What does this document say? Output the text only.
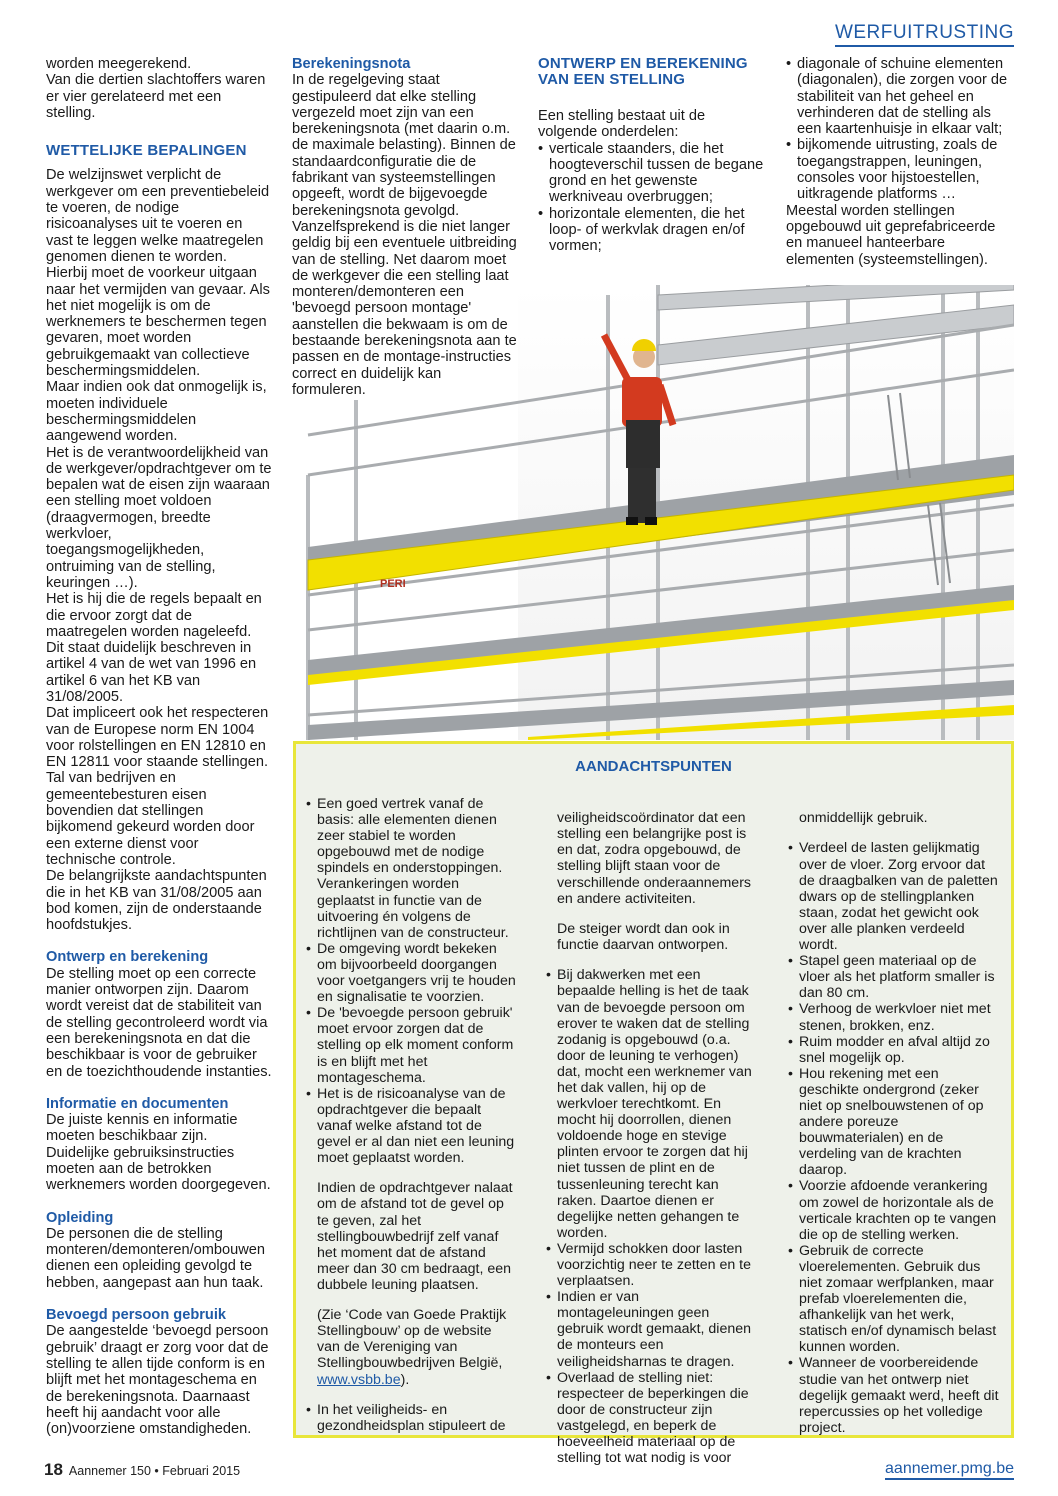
WERFUITRUSTING

worden meegerekend.
Van die dertien slachtoffers waren er vier gerelateerd met een stelling.

WETTELIJKE BEPALINGEN

De welzijnswet verplicht de werkgever om een preventiebeleid te voeren, de nodige risicoanalyses uit te voeren en vast te leggen welke maatregelen genomen dienen te worden. Hierbij moet de voorkeur uitgaan naar het vermijden van gevaar. Als het niet mogelijk is om de werknemers te beschermen tegen gevaren, moet worden gebruikgemaakt van collectieve beschermingsmiddelen.
Maar indien ook dat onmogelijk is, moeten individuele beschermingsmiddelen aangewend worden.
Het is de verantwoordelijkheid van de werkgever/opdrachtgever om te bepalen wat de eisen zijn waaraan een stelling moet voldoen (draagvermogen, breedte werkvloer, toegangsmogelijkheden, ontruiming van de stelling, keuringen …).
Het is hij die de regels bepaalt en die ervoor zorgt dat de maatregelen worden nageleefd.
Dit staat duidelijk beschreven in artikel 4 van de wet van 1996 en artikel 6 van het KB van 31/08/2005.
Dat impliceert ook het respecteren van de Europese norm EN 1004 voor rolstellingen en EN 12810 en EN 12811 voor staande stellingen.
Tal van bedrijven en gemeentebesturen eisen bovendien dat stellingen bijkomend gekeurd worden door een externe dienst voor technische controle.
De belangrijkste aandachtspunten die in het KB van 31/08/2005 aan bod komen, zijn de onderstaande hoofdstukjes.

Ontwerp en berekening

De stelling moet op een correcte manier ontworpen zijn. Daarom wordt vereist dat de stabiliteit van de stelling gecontroleerd wordt via een berekeningsnota en dat die beschikbaar is voor de gebruiker en de toezichthoudende instanties.

Informatie en documenten

De juiste kennis en informatie moeten beschikbaar zijn. Duidelijke gebruiksinstructies moeten aan de betrokken werknemers worden doorgegeven.

Opleiding

De personen die de stelling monteren/demonteren/ombouwen dienen een opleiding gevolgd te hebben, aangepast aan hun taak.

Bevoegd persoon gebruik

De aangestelde ‘bevoegd persoon gebruik’ draagt er zorg voor dat de stelling te allen tijde conform is en blijft met het montageschema en de berekeningsnota. Daarnaast heeft hij aandacht voor alle (on)voorziene omstandigheden.

Berekeningsnota

In de regelgeving staat gestipuleerd dat elke stelling vergezeld moet zijn van een berekeningsnota (met daarin o.m. de maximale belasting). Binnen de standaardconfiguratie die de fabrikant van systeemstellingen opgeeft, wordt de bijgevoegde berekeningsnota gevolgd. Vanzelfsprekend is die niet langer geldig bij een eventuele uitbreiding van de stelling. Net daarom moet de werkgever die een stelling laat monteren/demonteren een 'bevoegd persoon montage' aanstellen die bekwaam is om de bestaande berekeningsnota aan te passen en de montage-instructies correct en duidelijk kan formuleren.

ONTWERP EN BEREKENING VAN EEN STELLING

Een stelling bestaat uit de volgende onderdelen:

• verticale staanders, die het hoogteverschil tussen de begane grond en het gewenste werkniveau overbruggen;

• horizontale elementen, die het loop- of werkvlak dragen en/of vormen;

• diagonale of schuine elementen (diagonalen), die zorgen voor de stabiliteit van het geheel en verhinderen dat de stelling als een kaartenhuisje in elkaar valt;

• bijkomende uitrusting, zoals de toegangstrappen, leuningen, consoles voor hijstoestellen, uitkragende platforms …

Meestal worden stellingen opgebouwd uit geprefabriceerde en manueel hanteerbare elementen (systeemstellingen).

PERI
AANDACHTSPUNTEN

• Een goed vertrek vanaf de basis: alle elementen dienen zeer stabiel te worden opgebouwd met de nodige spindels en onderstoppingen. Verankeringen worden geplaatst in functie van de uitvoering én volgens de richtlijnen van de constructeur.

• De omgeving wordt bekeken om bijvoorbeeld doorgangen voor voetgangers vrij te houden en signalisatie te voorzien.

• De 'bevoegde persoon gebruik' moet ervoor zorgen dat de stelling op elk moment conform is en blijft met het montageschema.

• Het is de risicoanalyse van de opdrachtgever die bepaalt vanaf welke afstand tot de gevel er al dan niet een leuning moet geplaatst worden.

Indien de opdrachtgever nalaat om de afstand tot de gevel op te geven, zal het stellingbouwbedrijf zelf vanaf het moment dat de afstand meer dan 30 cm bedraagt, een dubbele leuning plaatsen.

(Zie ‘Code van Goede Praktijk Stellingbouw’ op de website van de Vereniging van Stellingbouwbedrijven België,
www.vsbb.be).

• In het veiligheids- en gezondheidsplan stipuleert de

veiligheidscoördinator dat een stelling een belangrijke post is en dat, zodra opgebouwd, de stelling blijft staan voor de verschillende onderaannemers en andere activiteiten.

De steiger wordt dan ook in functie daarvan ontworpen.

• Bij dakwerken met een bepaalde helling is het de taak van de bevoegde persoon om erover te waken dat de stelling zodanig is opgebouwd (o.a. door de leuning te verhogen) dat, mocht een werknemer van het dak vallen, hij op de werkvloer terechtkomt. En mocht hij doorrollen, dienen voldoende hoge en stevige plinten ervoor te zorgen dat hij niet tussen de plint en de tussenleuning terecht kan raken. Daartoe dienen er degelijke netten gehangen te worden.

• Vermijd schokken door lasten voorzichtig neer te zetten en te verplaatsen.

• Indien er van montageleuningen geen gebruik wordt gemaakt, dienen de monteurs een veiligheidsharnas te dragen.

• Overlaad de stelling niet: respecteer de beperkingen die door de constructeur zijn vastgelegd, en beperk de hoeveelheid materiaal op de stelling tot wat nodig is voor

onmiddellijk gebruik.

• Verdeel de lasten gelijkmatig over de vloer. Zorg ervoor dat de draagbalken van de paletten dwars op de stellingplanken staan, zodat het gewicht ook over alle planken verdeeld wordt.

• Stapel geen materiaal op de vloer als het platform smaller is dan 80 cm.

• Verhoog de werkvloer niet met stenen, brokken, enz.

• Ruim modder en afval altijd zo snel mogelijk op.

• Hou rekening met een geschikte ondergrond (zeker niet op snelbouwstenen of op andere poreuze bouwmaterialen) en de verdeling van de krachten daarop.

• Voorzie afdoende verankering om zowel de horizontale als de verticale krachten op te vangen die op de stelling werken.

• Gebruik de correcte vloerelementen. Gebruik dus niet zomaar werfplanken, maar prefab vloerelementen die, afhankelijk van het werk, statisch en/of dynamisch belast kunnen worden.

• Wanneer de voorbereidende studie van het ontwerp niet degelijk gemaakt werd, heeft dit repercussies op het volledige project.

18 Aannemer 150 • Februari 2015	aannemer.pmg.be
